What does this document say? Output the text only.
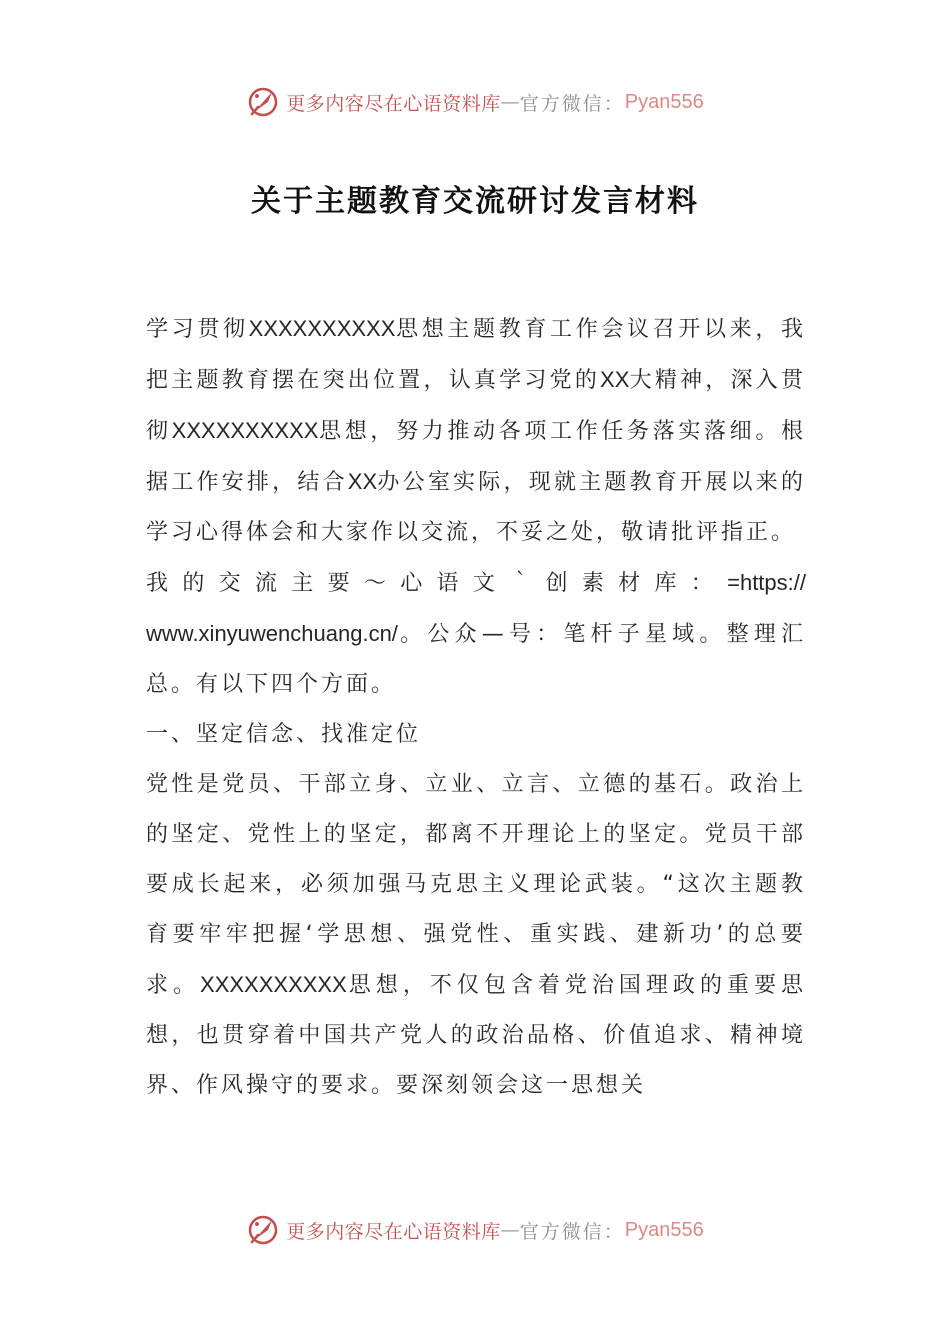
更多内容尽在心语资料库 — 官方微信： Pyan556
关于主题教育交流研讨发言材料

学习贯彻XXXXXXXXXX思想主题教育工作会议召开以来，我把主题教育摆在突出位置，认真学习党的XX大精神，深入贯彻XXXXXXXXXX思想，努力推动各项工作任务落实落细。根据工作安排，结合XX办公室实际，现就主题教育开展以来的学习心得体会和大家作以交流，不妥之处，敬请批评指正。

我的交流主要～心语文｀创素材库：=https://

www.xinyuwenchuang.cn/。公众—号：笔杆子星域。整理汇总。有以下四个方面。

一、坚定信念、找准定位

党性是党员、干部立身、立业、立言、立德的基石。政治上的坚定、党性上的坚定，都离不开理论上的坚定。党员干部要成长起来，必须加强马克思主义理论武装。“这次主题教育要牢牢把握‘学思想、强党性、重实践、建新功’的总要求。XXXXXXXXXX思想，不仅包含着党治国理政的重要思想，也贯穿着中国共产党人的政治品格、价值追求、精神境界、作风操守的要求。要深刻领会这一思想关

更多内容尽在心语资料库 — 官方微信： Pyan556
